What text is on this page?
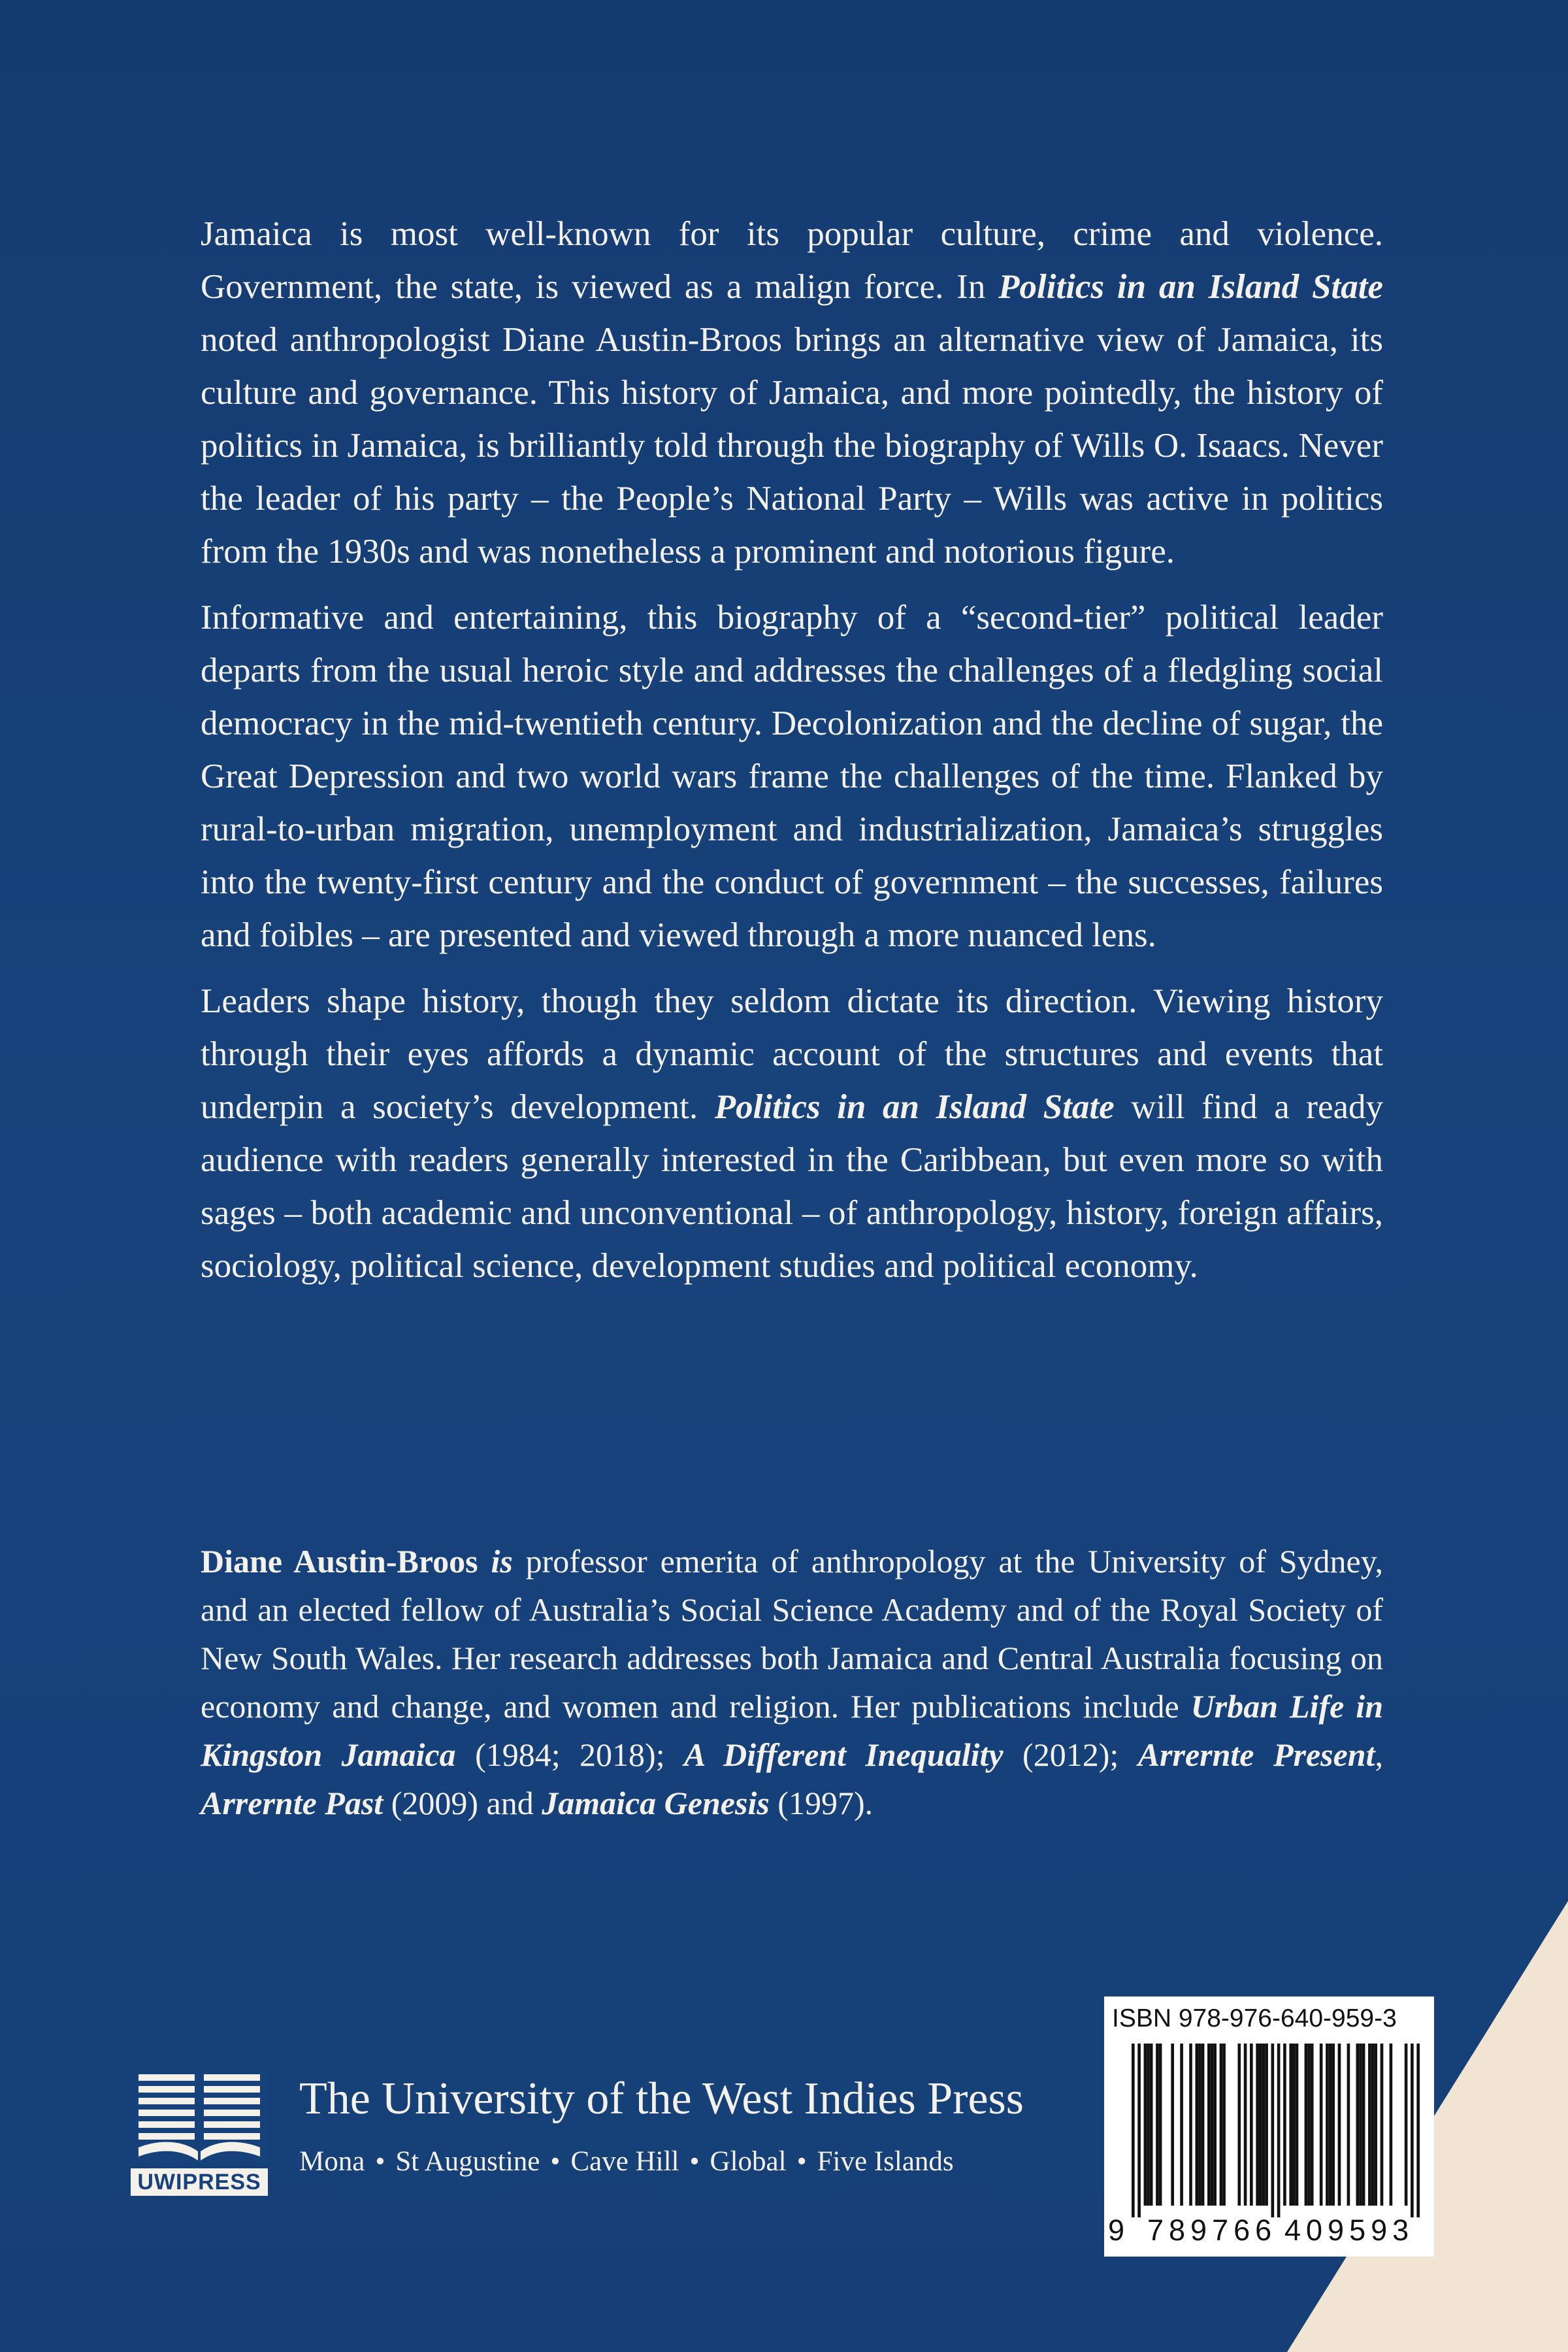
Jamaica is most well-known for its popular culture, crime and violence. Government, the state, is viewed as a malign force. In Politics in an Island State noted anthropologist Diane Austin-Broos brings an alternative view of Jamaica, its culture and governance. This history of Jamaica, and more pointedly, the history of politics in Jamaica, is brilliantly told through the biography of Wills O. Isaacs. Never the leader of his party – the People’s National Party – Wills was active in politics from the 1930s and was nonetheless a prominent and notorious figure.

Informative and entertaining, this biography of a “second-tier” political leader departs from the usual heroic style and addresses the challenges of a fledgling social democracy in the mid-twentieth century. Decolonization and the decline of sugar, the Great Depression and two world wars frame the challenges of the time. Flanked by rural-to-urban migration, unemployment and industrialization, Jamaica’s struggles into the twenty-first century and the conduct of government – the successes, failures and foibles – are presented and viewed through a more nuanced lens.

Leaders shape history, though they seldom dictate its direction. Viewing history through their eyes affords a dynamic account of the structures and events that underpin a society’s development. Politics in an Island State will find a ready audience with readers generally interested in the Caribbean, but even more so with sages – both academic and unconventional – of anthropology, history, foreign affairs, sociology, political science, development studies and political economy.

Diane Austin-Broos is professor emerita of anthropology at the University of Sydney, and an elected fellow of Australia’s Social Science Academy and of the Royal Society of New South Wales. Her research addresses both Jamaica and Central Australia focusing on economy and change, and women and religion. Her publications include Urban Life in Kingston Jamaica (1984; 2018); A Different Inequality (2012); Arrernte Present, Arrernte Past (2009) and Jamaica Genesis (1997).

UWIPRESS
The University of the West Indies Press

Mona • St Augustine • Cave Hill • Global • Five Islands

ISBN 978-976-640-959-3

9 789766 409593
